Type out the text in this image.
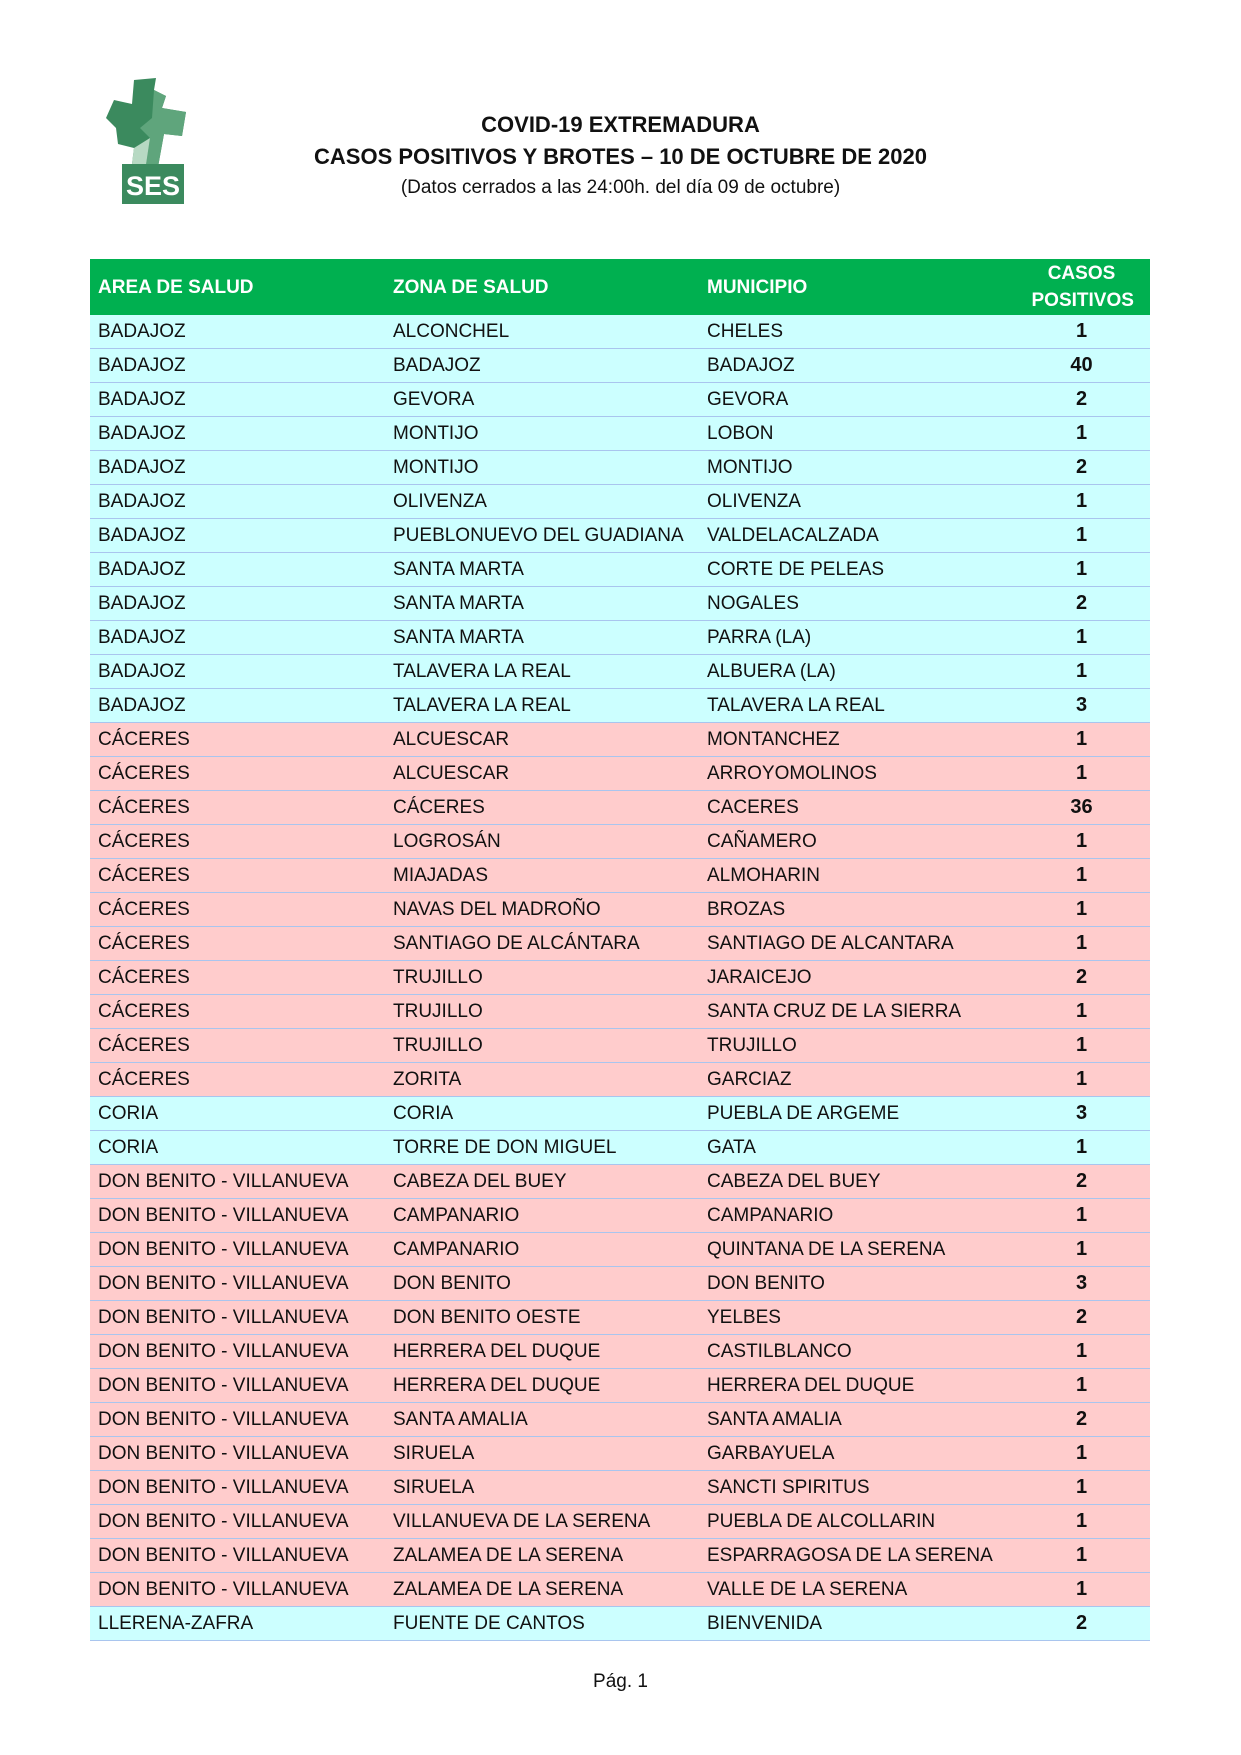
SES
COVID-19 EXTREMADURA
CASOS POSITIVOS Y BROTES – 10 DE OCTUBRE DE 2020
(Datos cerrados a las 24:00h. del día 09 de octubre)
AREA DE SALUD	ZONA DE SALUD	MUNICIPIO	CASOS POSITIVOS
BADAJOZ	ALCONCHEL	CHELES	1
BADAJOZ	BADAJOZ	BADAJOZ	40
BADAJOZ	GEVORA	GEVORA	2
BADAJOZ	MONTIJO	LOBON	1
BADAJOZ	MONTIJO	MONTIJO	2
BADAJOZ	OLIVENZA	OLIVENZA	1
BADAJOZ	PUEBLONUEVO DEL GUADIANA	VALDELACALZADA	1
BADAJOZ	SANTA MARTA	CORTE DE PELEAS	1
BADAJOZ	SANTA MARTA	NOGALES	2
BADAJOZ	SANTA MARTA	PARRA (LA)	1
BADAJOZ	TALAVERA LA REAL	ALBUERA (LA)	1
BADAJOZ	TALAVERA LA REAL	TALAVERA LA REAL	3
CÁCERES	ALCUESCAR	MONTANCHEZ	1
CÁCERES	ALCUESCAR	ARROYOMOLINOS	1
CÁCERES	CÁCERES	CACERES	36
CÁCERES	LOGROSÁN	CAÑAMERO	1
CÁCERES	MIAJADAS	ALMOHARIN	1
CÁCERES	NAVAS DEL MADROÑO	BROZAS	1
CÁCERES	SANTIAGO DE ALCÁNTARA	SANTIAGO DE ALCANTARA	1
CÁCERES	TRUJILLO	JARAICEJO	2
CÁCERES	TRUJILLO	SANTA CRUZ DE LA SIERRA	1
CÁCERES	TRUJILLO	TRUJILLO	1
CÁCERES	ZORITA	GARCIAZ	1
CORIA	CORIA	PUEBLA DE ARGEME	3
CORIA	TORRE DE DON MIGUEL	GATA	1
DON BENITO - VILLANUEVA	CABEZA DEL BUEY	CABEZA DEL BUEY	2
DON BENITO - VILLANUEVA	CAMPANARIO	CAMPANARIO	1
DON BENITO - VILLANUEVA	CAMPANARIO	QUINTANA DE LA SERENA	1
DON BENITO - VILLANUEVA	DON BENITO	DON BENITO	3
DON BENITO - VILLANUEVA	DON BENITO OESTE	YELBES	2
DON BENITO - VILLANUEVA	HERRERA DEL DUQUE	CASTILBLANCO	1
DON BENITO - VILLANUEVA	HERRERA DEL DUQUE	HERRERA DEL DUQUE	1
DON BENITO - VILLANUEVA	SANTA AMALIA	SANTA AMALIA	2
DON BENITO - VILLANUEVA	SIRUELA	GARBAYUELA	1
DON BENITO - VILLANUEVA	SIRUELA	SANCTI SPIRITUS	1
DON BENITO - VILLANUEVA	VILLANUEVA DE LA SERENA	PUEBLA DE ALCOLLARIN	1
DON BENITO - VILLANUEVA	ZALAMEA DE LA SERENA	ESPARRAGOSA DE LA SERENA	1
DON BENITO - VILLANUEVA	ZALAMEA DE LA SERENA	VALLE DE LA SERENA	1
LLERENA-ZAFRA	FUENTE DE CANTOS	BIENVENIDA	2
Pág. 1
